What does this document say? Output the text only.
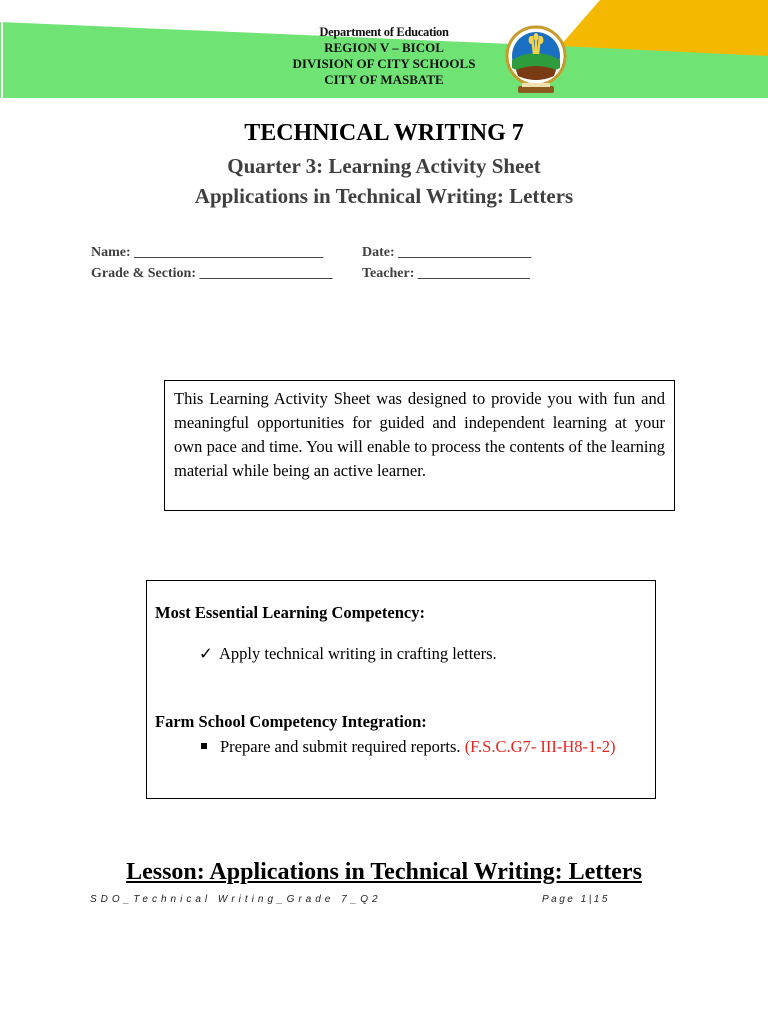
Department of Education
REGION V – BICOL
DIVISION OF CITY SCHOOLS
CITY OF MASBATE
TECHNICAL WRITING 7
Quarter 3: Learning Activity Sheet
Applications in Technical Writing: Letters
Name: ___________________________	Date: ___________________
Grade & Section: ___________________ Teacher: ________________
This Learning Activity Sheet was designed to provide you with fun and meaningful opportunities for guided and independent learning at your own pace and time. You will enable to process the contents of the learning material while being an active learner.
Most Essential Learning Competency:
✓ Apply technical writing in crafting letters.
Farm School Competency Integration:
Prepare and submit required reports. (F.S.C.G7- III-H8-1-2)
Lesson: Applications in Technical Writing: Letters
SDO_Technical Writing_Grade 7_Q2	Page 1|15
